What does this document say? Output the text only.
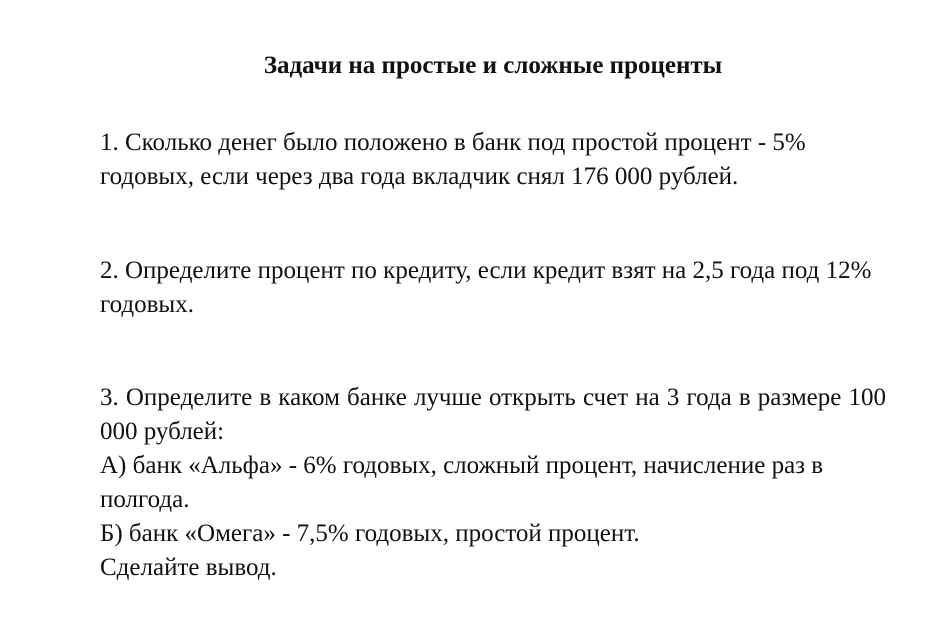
Задачи на простые и сложные проценты

1. Сколько денег было положено в банк под простой процент - 5% годовых, если через два года вкладчик снял 176 000 рублей.

2. Определите процент по кредиту, если кредит взят на 2,5 года под 12% годовых.

3. Определите в каком банке лучше открыть счет на 3 года в размере 100 000 рублей:

А) банк «Альфа» - 6% годовых, сложный процент, начисление раз в полгода.

Б) банк «Омега» - 7,5% годовых, простой процент.

Сделайте вывод.
